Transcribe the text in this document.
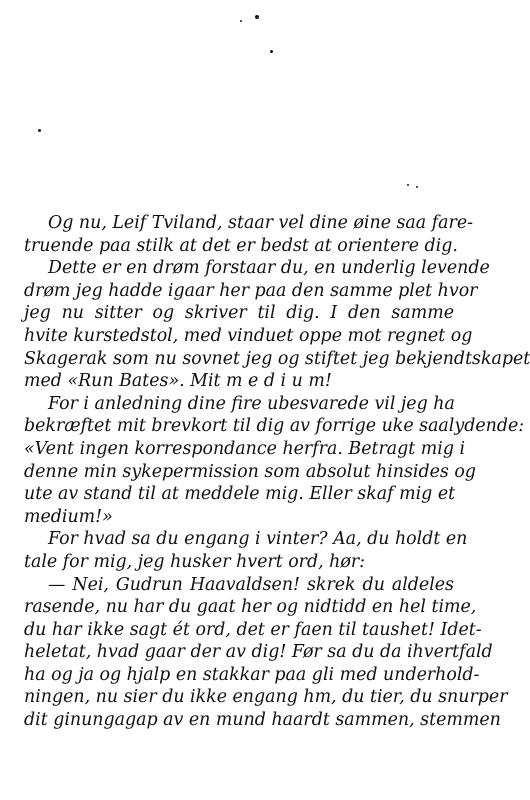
Og nu, Leif Tviland, staar vel dine øine saa fare-
truende paa stilk at det er bedst at orientere dig.
Dette er en drøm forstaar du, en underlig levende
drøm jeg hadde igaar her paa den samme plet hvor
jeg nu sitter og skriver til dig. I den samme
hvite kurstedstol, med vinduet oppe mot regnet og
Skagerak som nu sovnet jeg og stiftet jeg bekjendtskapet
med «Run Bates». Mit m e d i u m!
For i anledning dine fire ubesvarede vil jeg ha
bekræftet mit brevkort til dig av forrige uke saalydende:
«Vent ingen korrespondance herfra. Betragt mig i
denne min sykepermission som absolut hinsides og
ute av stand til at meddele mig. Eller skaf mig et
medium!»
For hvad sa du engang i vinter? Aa, du holdt en
tale for mig, jeg husker hvert ord, hør:
— Nei, Gudrun Haavaldsen! skrek du aldeles
rasende, nu har du gaat her og nidtidd en hel time,
du har ikke sagt ét ord, det er faen til taushet! Idet-
heletat, hvad gaar der av dig! Før sa du da ihvertfald
ha og ja og hjalp en stakkar paa gli med underhold-
ningen, nu sier du ikke engang hm, du tier, du snurper
dit ginungagap av en mund haardt sammen, stemmen
